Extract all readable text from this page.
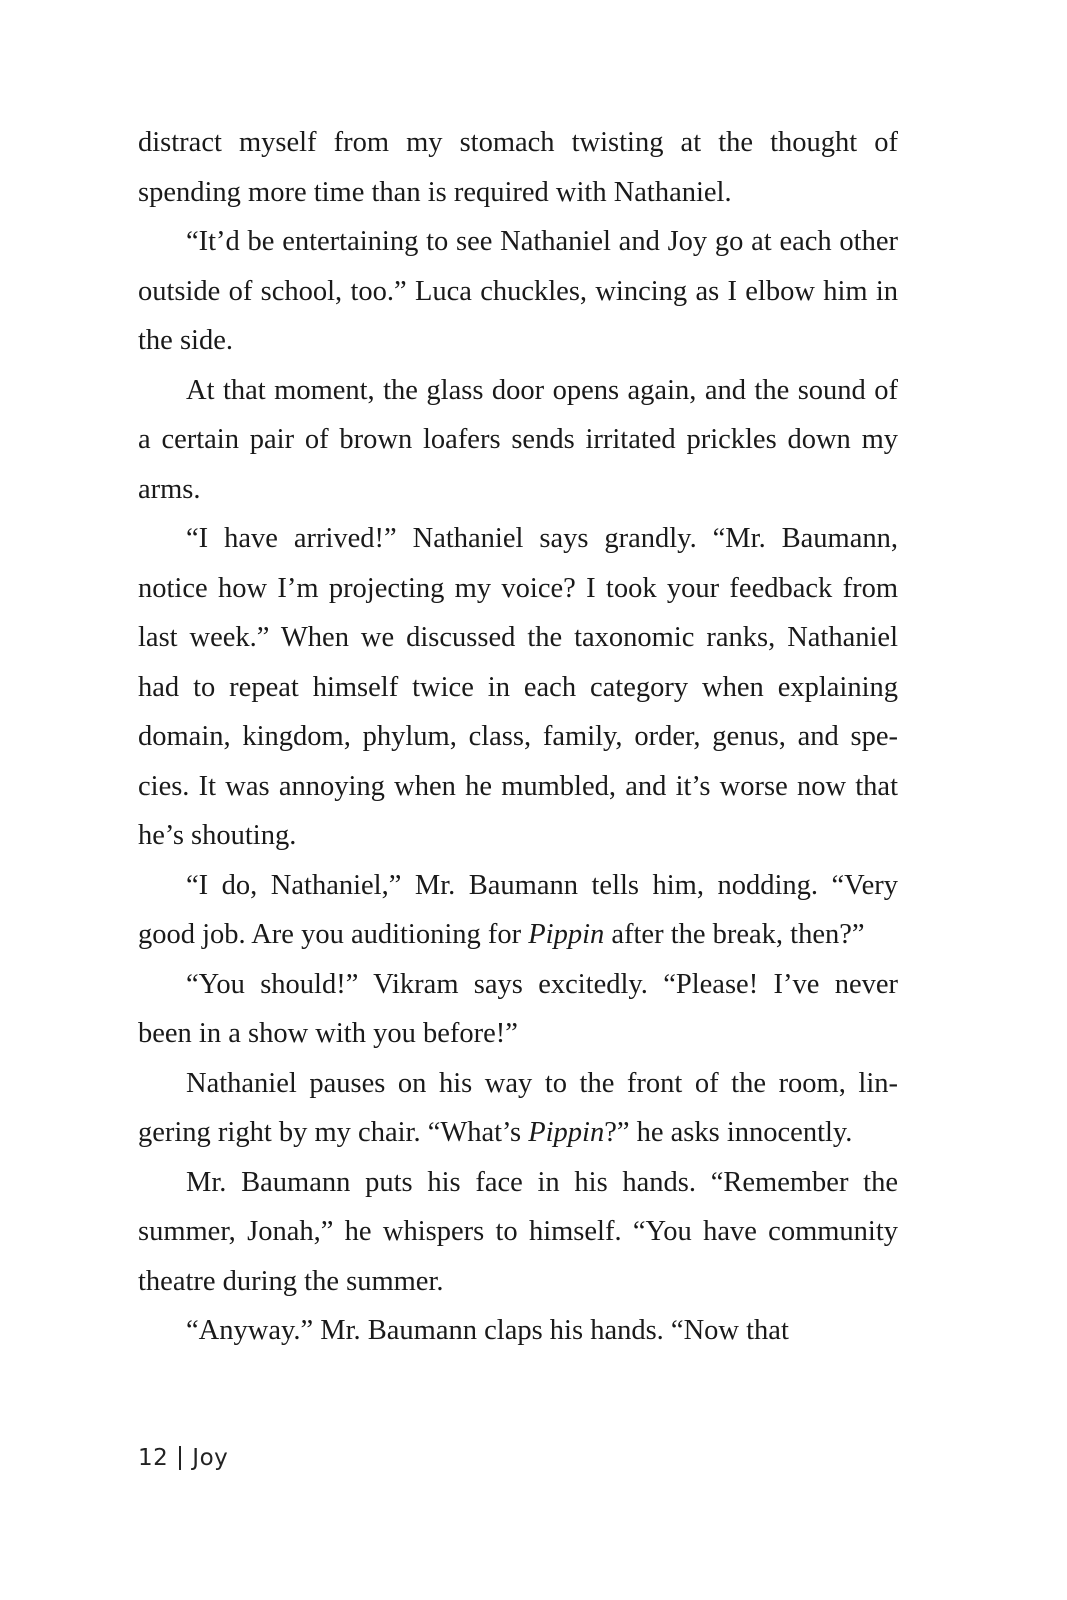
distract myself from my stomach twisting at the thought of spending more time than is required with Nathaniel.

“It’d be entertaining to see Nathaniel and Joy go at each other outside of school, too.” Luca chuckles, wincing as I elbow him in the side.

At that moment, the glass door opens again, and the sound of a certain pair of brown loafers sends irritated prickles down my arms.

“I have arrived!” Nathaniel says grandly. “Mr. Baumann, notice how I’m projecting my voice? I took your feedback from last week.” When we discussed the taxonomic ranks, Nathaniel had to repeat himself twice in each category when explaining domain, kingdom, phylum, class, family, order, genus, and spe-cies. It was annoying when he mumbled, and it’s worse now that he’s shouting.

“I do, Nathaniel,” Mr. Baumann tells him, nodding. “Very good job. Are you auditioning for Pippin after the break, then?”

“You should!” Vikram says excitedly. “Please! I’ve never been in a show with you before!”

Nathaniel pauses on his way to the front of the room, lin-gering right by my chair. “What’s Pippin?” he asks innocently.

Mr. Baumann puts his face in his hands. “Remember the summer, Jonah,” he whispers to himself. “You have community theatre during the summer.

“Anyway.” Mr. Baumann claps his hands. “Now that

12 Joy
